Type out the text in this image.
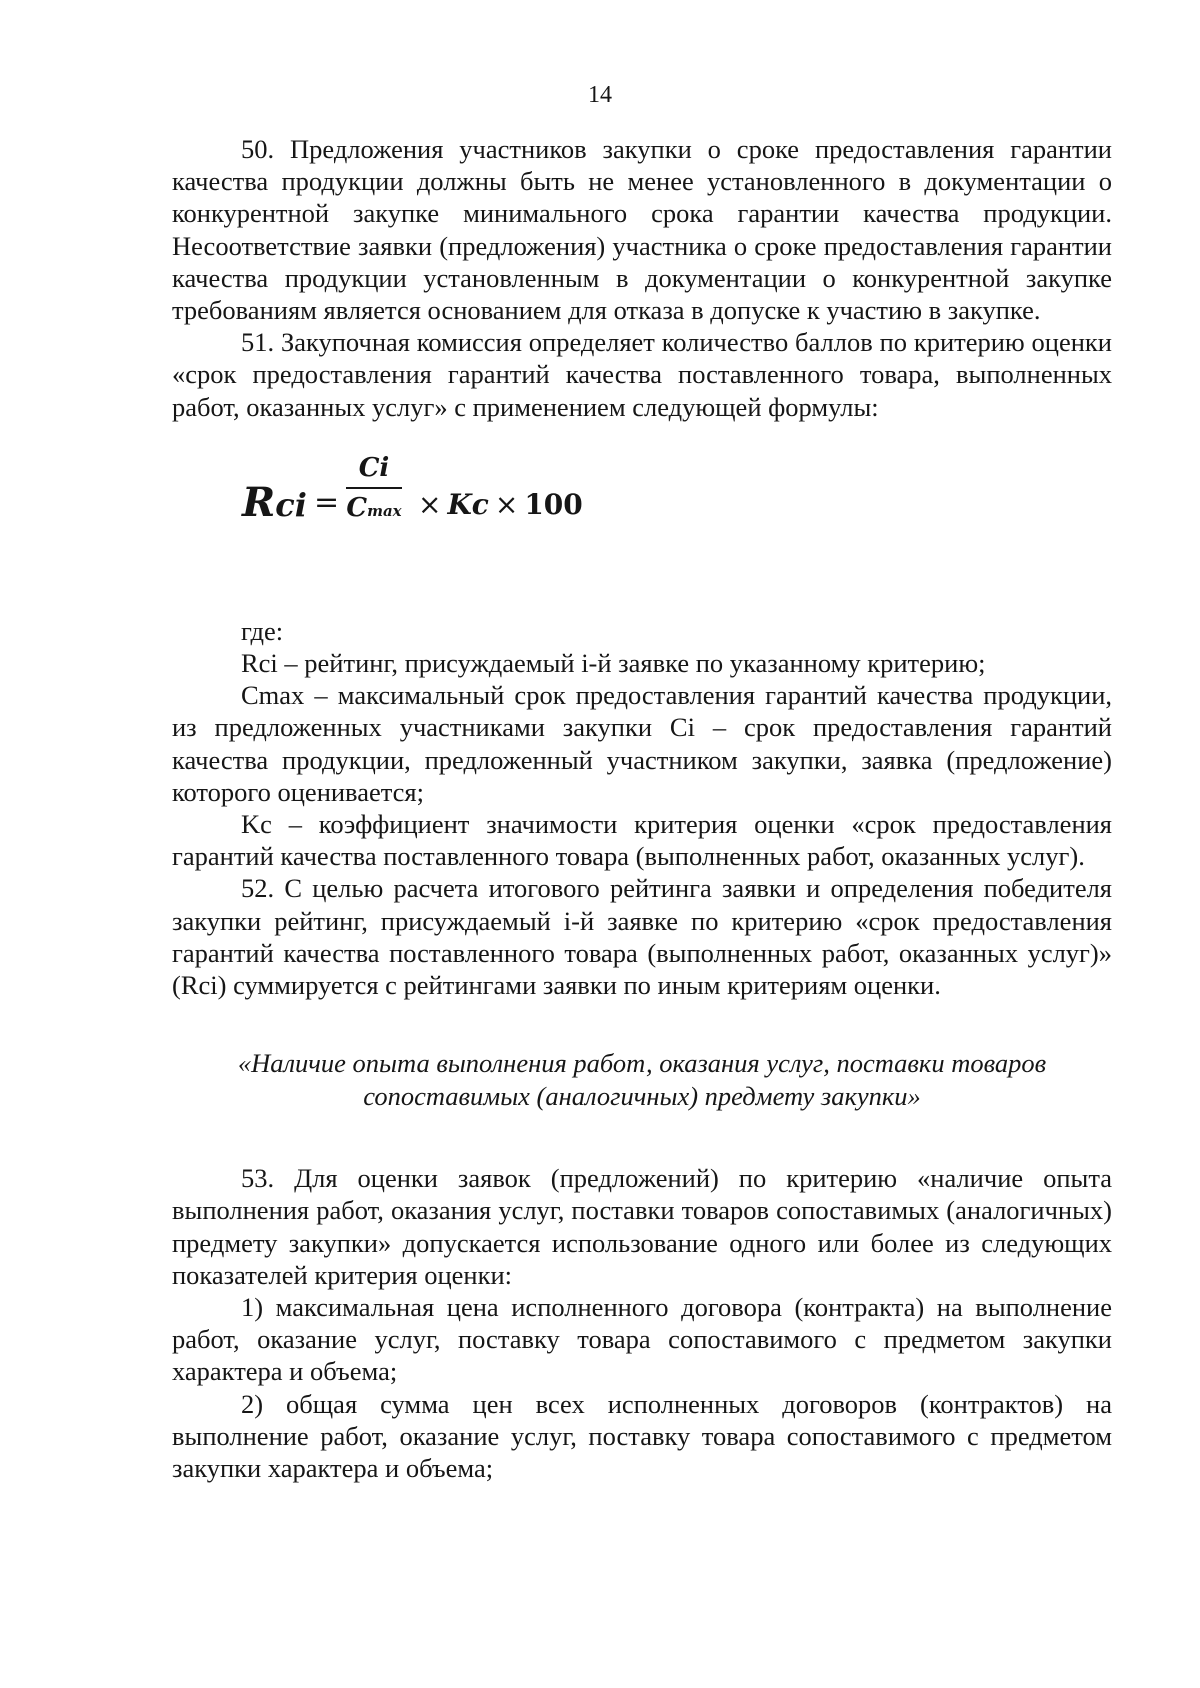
14

50. Предложения участников закупки о сроке предоставления гарантии качества продукции должны быть не менее установленного в документации о конкурентной закупке минимального срока гарантии качества продукции. Несоответствие заявки (предложения) участника о сроке предоставления гарантии качества продукции установленным в документации о конкурентной закупке требованиям является основанием для отказа в допуске к участию в закупке.

51. Закупочная комиссия определяет количество баллов по критерию оценки «срок предоставления гарантий качества поставленного товара, выполненных работ, оказанных услуг» с применением следующей формулы:

Rci =
Ci
Cmax × Kc × 100

где:

Rci – рейтинг, присуждаемый i-й заявке по указанному критерию;

Cmax – максимальный срок предоставления гарантий качества продукции, из предложенных участниками закупки Ci – срок предоставления гарантий качества продукции, предложенный участником закупки, заявка (предложение) которого оценивается;

Kc – коэффициент значимости критерия оценки «срок предоставления гарантий качества поставленного товара (выполненных работ, оказанных услуг).

52. С целью расчета итогового рейтинга заявки и определения победителя закупки рейтинг, присуждаемый i-й заявке по критерию «срок предоставления гарантий качества поставленного товара (выполненных работ, оказанных услуг)» (Rci) суммируется с рейтингами заявки по иным критериям оценки.

«Наличие опыта выполнения работ, оказания услуг, поставки товаров
сопоставимых (аналогичных) предмету закупки»

53. Для оценки заявок (предложений) по критерию «наличие опыта выполнения работ, оказания услуг, поставки товаров сопоставимых (аналогичных) предмету закупки» допускается использование одного или более из следующих показателей критерия оценки:

1) максимальная цена исполненного договора (контракта) на выполнение работ, оказание услуг, поставку товара сопоставимого с предметом закупки характера и объема;

2) общая сумма цен всех исполненных договоров (контрактов) на выполнение работ, оказание услуг, поставку товара сопоставимого с предметом закупки характера и объема;
